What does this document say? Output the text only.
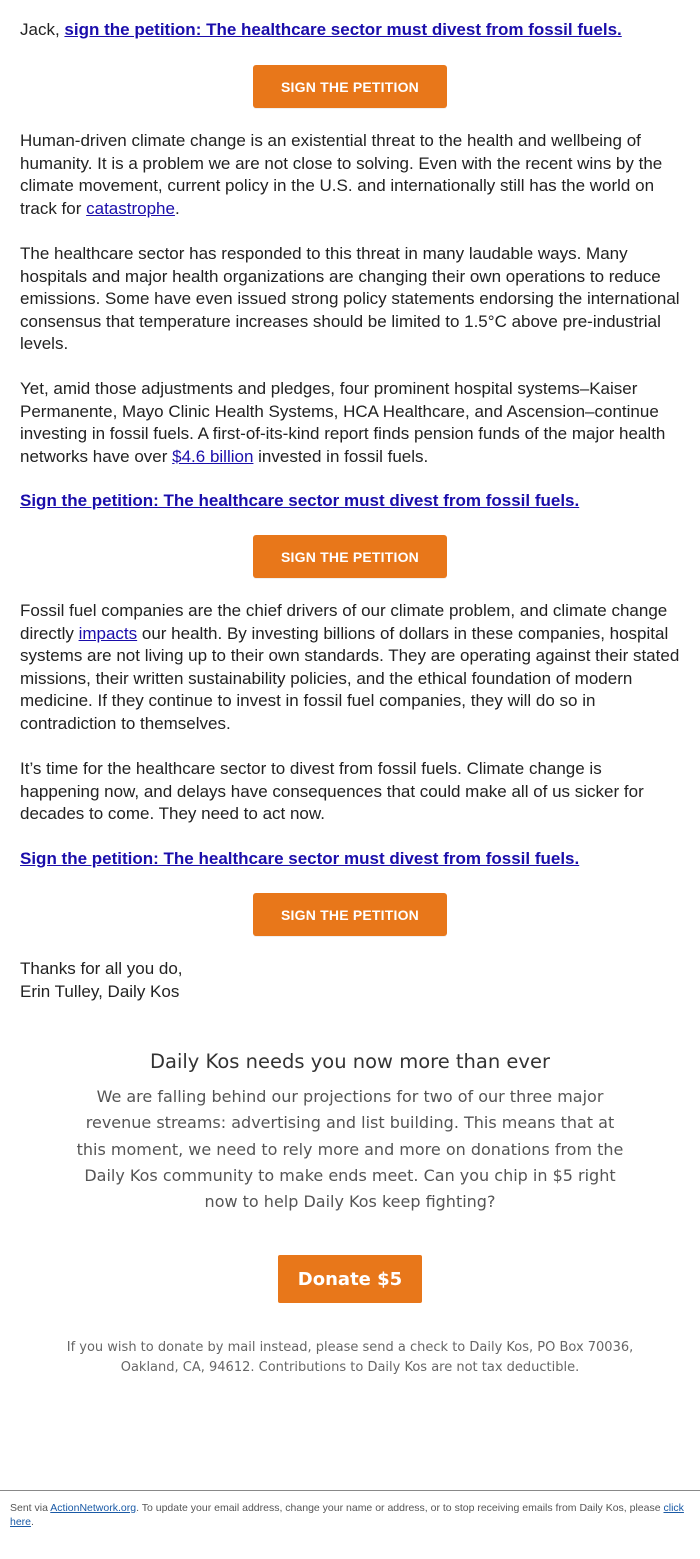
Jack, sign the petition: The healthcare sector must divest from fossil fuels.

SIGN THE PETITION

Human-driven climate change is an existential threat to the health and wellbeing of humanity. It is a problem we are not close to solving. Even with the recent wins by the climate movement, current policy in the U.S. and internationally still has the world on track for catastrophe.

The healthcare sector has responded to this threat in many laudable ways. Many hospitals and major health organizations are changing their own operations to reduce emissions. Some have even issued strong policy statements endorsing the international consensus that temperature increases should be limited to 1.5°C above pre-industrial levels.

Yet, amid those adjustments and pledges, four prominent hospital systems–Kaiser Permanente, Mayo Clinic Health Systems, HCA Healthcare, and Ascension–continue investing in fossil fuels. A first-of-its-kind report finds pension funds of the major health networks have over $4.6 billion invested in fossil fuels.

Sign the petition: The healthcare sector must divest from fossil fuels.

SIGN THE PETITION

Fossil fuel companies are the chief drivers of our climate problem, and climate change directly impacts our health. By investing billions of dollars in these companies, hospital systems are not living up to their own standards. They are operating against their stated missions, their written sustainability policies, and the ethical foundation of modern medicine. If they continue to invest in fossil fuel companies, they will do so in contradiction to themselves.

It’s time for the healthcare sector to divest from fossil fuels. Climate change is happening now, and delays have consequences that could make all of us sicker for decades to come. They need to act now.

Sign the petition: The healthcare sector must divest from fossil fuels.

SIGN THE PETITION

Thanks for all you do,

Erin Tulley, Daily Kos

Daily Kos needs you now more than ever
We are falling behind our projections for two of our three major revenue streams: advertising and list building. This means that at this moment, we need to rely more and more on donations from the Daily Kos community to make ends meet. Can you chip in $5 right now to help Daily Kos keep fighting?
Donate $5
If you wish to donate by mail instead, please send a check to Daily Kos, PO Box 70036, Oakland, CA, 94612. Contributions to Daily Kos are not tax deductible.
Sent via ActionNetwork.org. To update your email address, change your name or address, or to stop receiving emails from Daily Kos, please click here.
